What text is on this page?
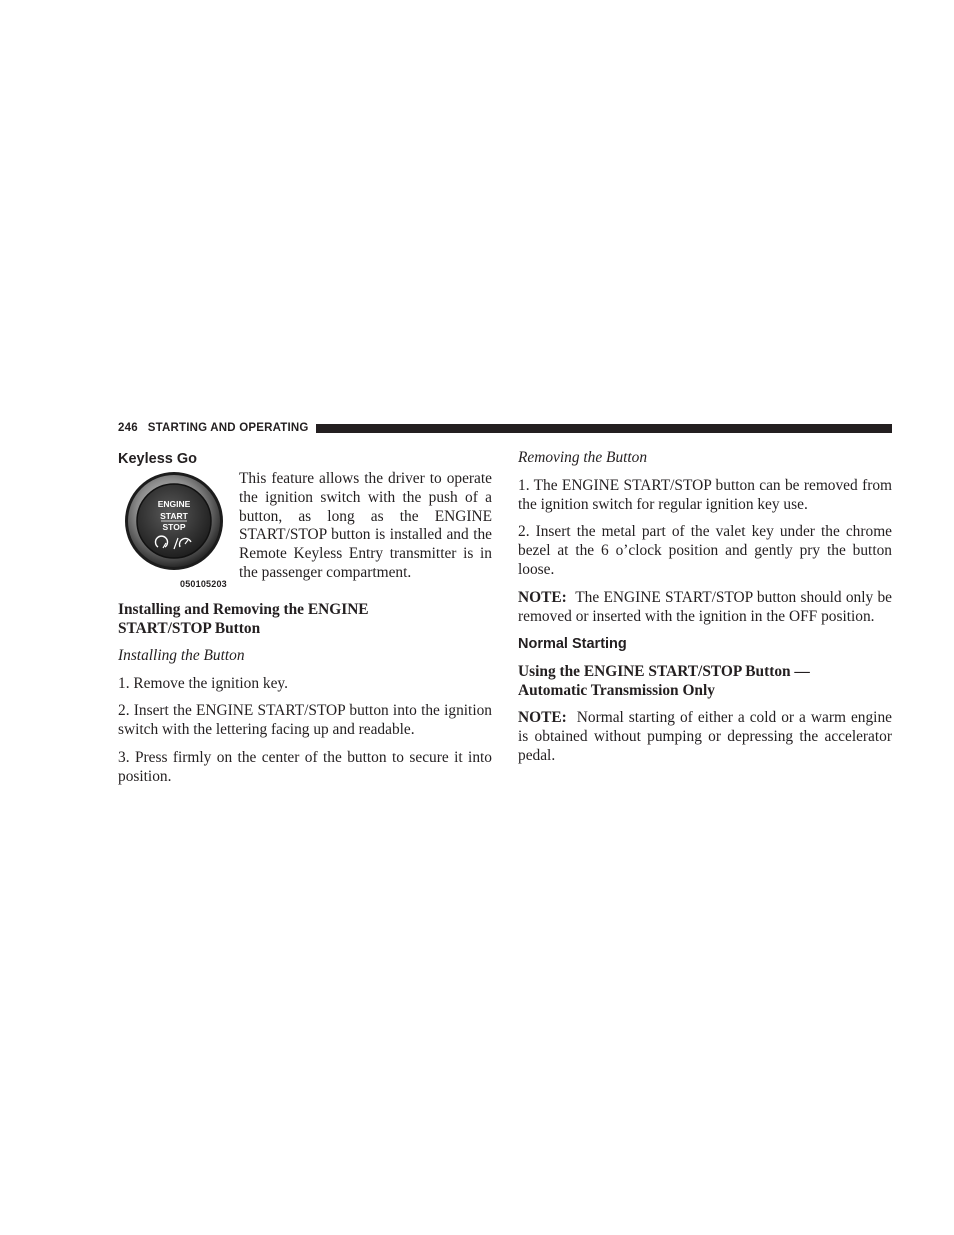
246 STARTING AND OPERATING
Keyless Go
ENGINE
START
STOP
050105203

This feature allows the driver to operate the ignition switch with the push of a button, as long as the ENGINE START/STOP button is installed and the Remote Keyless Entry transmitter is in the passenger compartment.

Installing and Removing the ENGINE
START/STOP Button
Installing the Button

1. Remove the ignition key.

2. Insert the ENGINE START/STOP button into the ignition switch with the lettering facing up and readable.

3. Press firmly on the center of the button to secure it into position.

Removing the Button

1. The ENGINE START/STOP button can be removed from the ignition switch for regular ignition key use.

2. Insert the metal part of the valet key under the chrome bezel at the 6 o’clock position and gently pry the button loose.

NOTE: The ENGINE START/STOP button should only be removed or inserted with the ignition in the OFF position.

Normal Starting
Using the ENGINE START/STOP Button —
Automatic Transmission Only

NOTE: Normal starting of either a cold or a warm engine is obtained without pumping or depressing the accelerator pedal.
